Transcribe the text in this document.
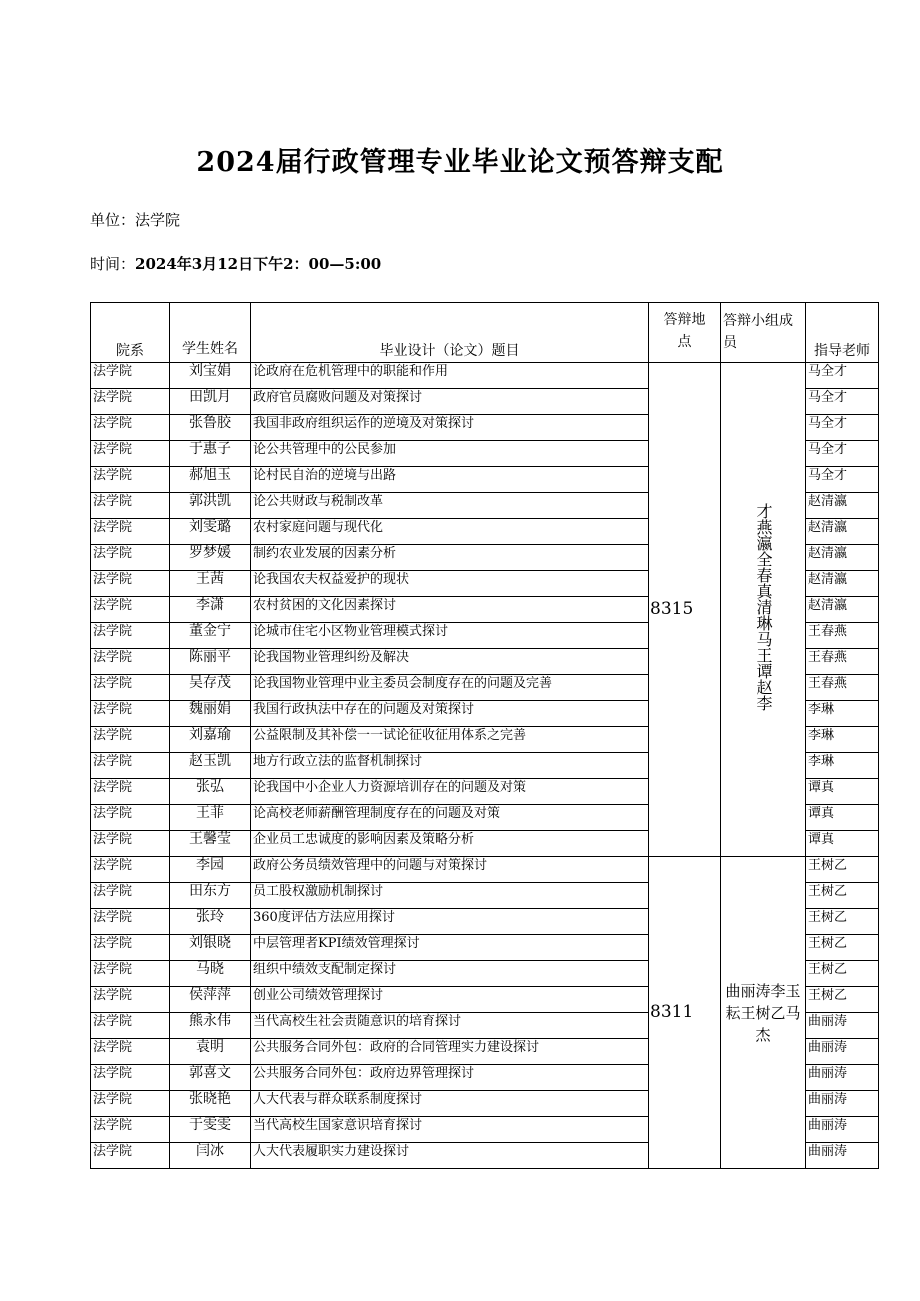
2024届行政管理专业毕业论文预答辩支配
单位：法学院
时间：2024年3月12日下午2：00—5:00
院系	学生姓名	毕业设计（论文）题目	答辩地点	答辩小组成员	指导老师
法学院	刘宝娟	论政府在危机管理中的职能和作用	8315	才燕瀛全春真清琳马王谭赵李	马全才
法学院	田凯月	政府官员腐败问题及对策探讨			马全才
法学院	张鲁胶	我国非政府组织运作的逆境及对策探讨			马全才
法学院	于惠子	论公共管理中的公民参加			马全才
法学院	郝旭玉	论村民自治的逆境与出路			马全才
法学院	郭洪凯	论公共财政与税制改革			赵清瀛
法学院	刘雯璐	农村家庭问题与现代化			赵清瀛
法学院	罗梦媛	制约农业发展的因素分析			赵清瀛
法学院	王茜	论我国农夫权益爱护的现状			赵清瀛
法学院	李潇	农村贫困的文化因素探讨			赵清瀛
法学院	董金宁	论城市住宅小区物业管理模式探讨			王春燕
法学院	陈丽平	论我国物业管理纠纷及解决			王春燕
法学院	吴存茂	论我国物业管理中业主委员会制度存在的问题及完善			王春燕
法学院	魏丽娟	我国行政执法中存在的问题及对策探讨			李琳
法学院	刘嘉瑜	公益限制及其补偿一一试论征收征用体系之完善			李琳
法学院	赵玉凯	地方行政立法的监督机制探讨			李琳
法学院	张弘	论我国中小企业人力资源培训存在的问题及对策			谭真
法学院	王菲	论高校老师薪酬管理制度存在的问题及对策			谭真
法学院	王馨莹	企业员工忠诚度的影响因素及策略分析			谭真
法学院	李园	政府公务员绩效管理中的问题与对策探讨	8311	曲丽涛李玉耘王树乙马杰	王树乙
法学院	田东方	员工股权激励机制探讨			王树乙
法学院	张玲	360度评估方法应用探讨			王树乙
法学院	刘银晓	中层管理者KPI绩效管理探讨			王树乙
法学院	马晓	组织中绩效支配制定探讨			王树乙
法学院	侯萍萍	创业公司绩效管理探讨			王树乙
法学院	熊永伟	当代高校生社会责随意识的培育探讨			曲丽涛
法学院	袁明	公共服务合同外包：政府的合同管理实力建设探讨			曲丽涛
法学院	郭喜文	公共服务合同外包：政府边界管理探讨			曲丽涛
法学院	张晓艳	人大代表与群众联系制度探讨			曲丽涛
法学院	于雯雯	当代高校生国家意识培育探讨			曲丽涛
法学院	闫冰	人大代表履职实力建设探讨			曲丽涛
